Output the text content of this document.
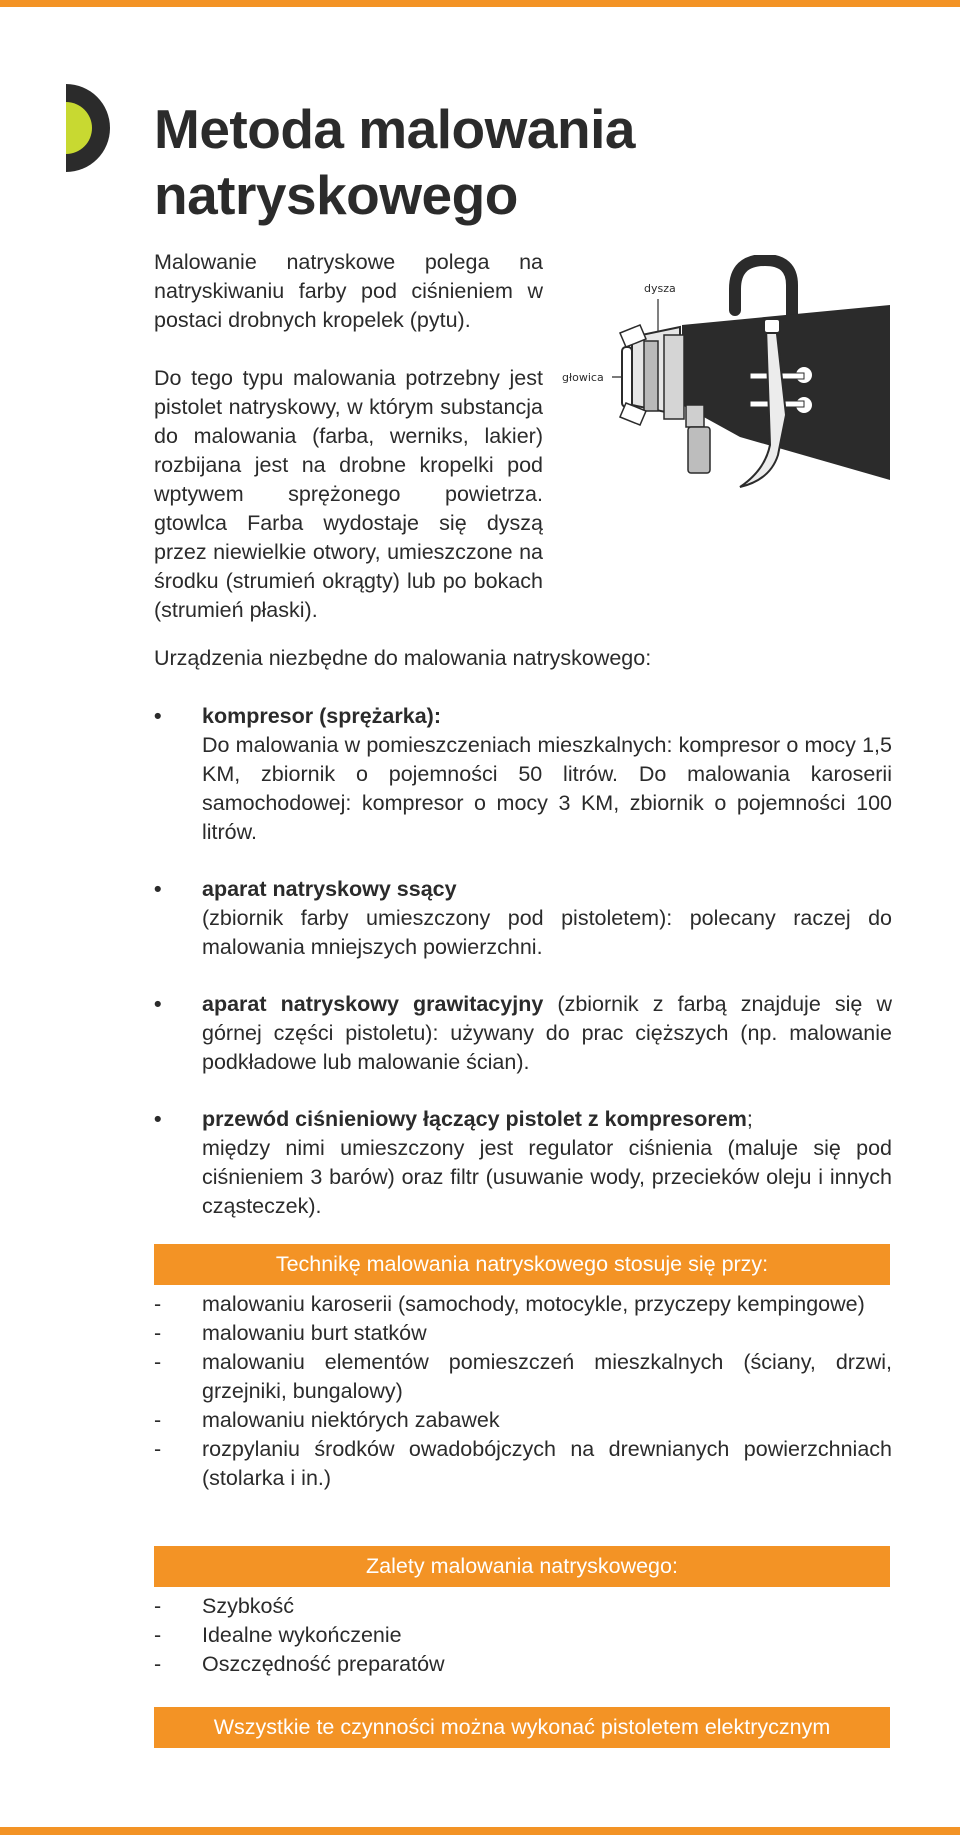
Metoda malowania natryskowego

Malowanie natryskowe polega na natryskiwaniu farby pod ciśnieniem w postaci drobnych kropelek (pytu).

Do tego typu malowania potrzebny jest pistolet natryskowy, w którym substancja do malowania (farba, werniks, lakier) rozbijana jest na drobne kropelki pod wptywem sprężonego powietrza. gtowlca Farba wydostaje się dyszą przez niewielkie otwory, umieszczone na środku (strumień okrągty) lub po bokach (strumień płaski).

dysza
głowica

Urządzenia niezbędne do malowania natryskowego:

• kompresor (sprężarka):
Do malowania w pomieszczeniach mieszkalnych: kompresor o mocy 1,5 KM, zbiornik o pojemności 50 litrów. Do malowania karoserii samochodowej: kompresor o mocy 3 KM, zbiornik o pojemności 100 litrów.
• aparat natryskowy ssący
(zbiornik farby umieszczony pod pistoletem): polecany raczej do malowania mniejszych powierzchni.
• aparat natryskowy grawitacyjny (zbiornik z farbą znajduje się w górnej części pistoletu): używany do prac cięższych (np. malowanie podkładowe lub malowanie ścian).
• przewód ciśnieniowy łączący pistolet z kompresorem;
między nimi umieszczony jest regulator ciśnienia (maluje się pod ciśnieniem 3 barów) oraz filtr (usuwanie wody, przecieków oleju i innych cząsteczek).
Technikę malowania natryskowego stosuje się przy:
- malowaniu karoserii (samochody, motocykle, przyczepy kempingowe)
- malowaniu burt statków
- malowaniu elementów pomieszczeń mieszkalnych (ściany, drzwi, grzejniki, bungalowy)
- malowaniu niektórych zabawek
- rozpylaniu środków owadobójczych na drewnianych powierzchniach (stolarka i in.)
Zalety malowania natryskowego:
- Szybkość
- Idealne wykończenie
- Oszczędność preparatów
Wszystkie te czynności można wykonać pistoletem elektrycznym
